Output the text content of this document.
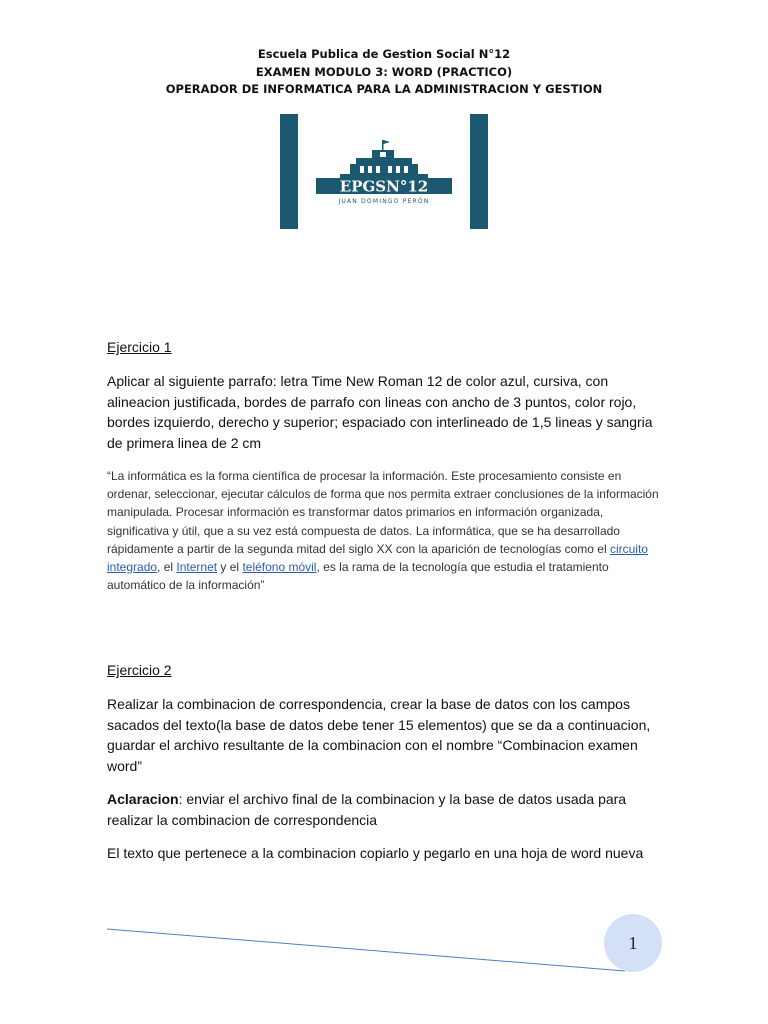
Escuela Publica de Gestion Social N°12
EXAMEN MODULO 3: WORD (PRACTICO)
OPERADOR DE INFORMATICA PARA LA ADMINISTRACION Y GESTION
EPGSN°12
JUAN DOMINGO PERÓN
Ejercicio 1
Aplicar al siguiente parrafo: letra Time New Roman 12 de color azul, cursiva, con alineacion justificada, bordes de parrafo con lineas con ancho de 3 puntos, color rojo, bordes izquierdo, derecho y superior; espaciado con interlineado de 1,5 lineas y sangria de primera linea de 2 cm
“La informática es la forma científica de procesar la información. Este procesamiento consiste en ordenar, seleccionar, ejecutar cálculos de forma que nos permita extraer conclusiones de la información manipulada. Procesar información es transformar datos primarios en información organizada, significativa y útil, que a su vez está compuesta de datos. La informática, que se ha desarrollado rápidamente a partir de la segunda mitad del siglo XX con la aparición de tecnologías como el circuito integrado, el Internet y el teléfono móvil, es la rama de la tecnología que estudia el tratamiento automático de la información”
Ejercicio 2
Realizar la combinacion de correspondencia, crear la base de datos con los campos sacados del texto(la base de datos debe tener 15 elementos) que se da a continuacion, guardar el archivo resultante de la combinacion con el nombre “Combinacion examen word”
Aclaracion: enviar el archivo final de la combinacion y la base de datos usada para realizar la combinacion de correspondencia
El texto que pertenece a la combinacion copiarlo y pegarlo en una hoja de word nueva
1
